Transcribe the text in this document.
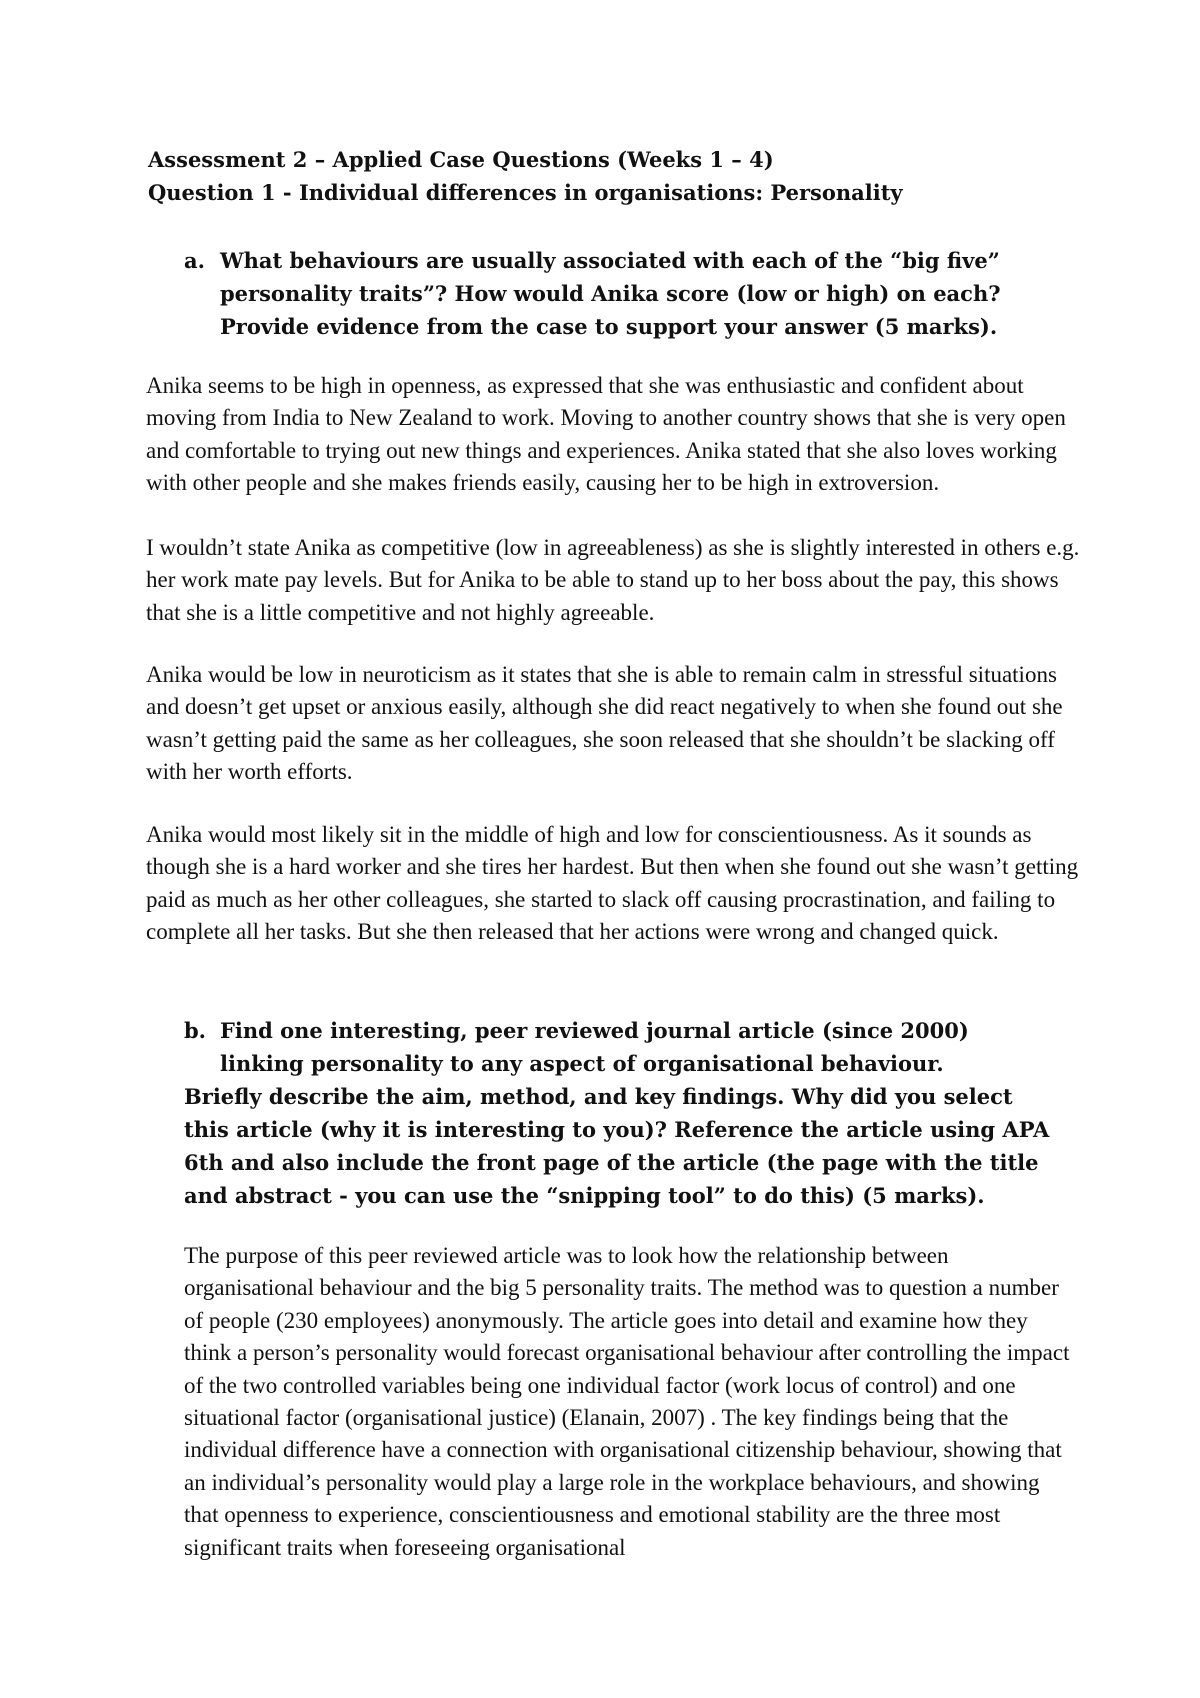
Assessment 2 – Applied Case Questions (Weeks 1 – 4)
Question 1 - Individual differences in organisations: Personality
a. What behaviours are usually associated with each of the “big five” personality traits”? How would Anika score (low or high) on each? Provide evidence from the case to support your answer (5 marks).

Anika seems to be high in openness, as expressed that she was enthusiastic and confident about moving from India to New Zealand to work. Moving to another country shows that she is very open and comfortable to trying out new things and experiences. Anika stated that she also loves working with other people and she makes friends easily, causing her to be high in extroversion.

I wouldn’t state Anika as competitive (low in agreeableness) as she is slightly interested in others e.g. her work mate pay levels. But for Anika to be able to stand up to her boss about the pay, this shows that she is a little competitive and not highly agreeable.

Anika would be low in neuroticism as it states that she is able to remain calm in stressful situations and doesn’t get upset or anxious easily, although she did react negatively to when she found out she wasn’t getting paid the same as her colleagues, she soon released that she shouldn’t be slacking off with her worth efforts.

Anika would most likely sit in the middle of high and low for conscientiousness. As it sounds as though she is a hard worker and she tires her hardest. But then when she found out she wasn’t getting paid as much as her other colleagues, she started to slack off causing procrastination, and failing to complete all her tasks. But she then released that her actions were wrong and changed quick.

b. Find one interesting, peer reviewed journal article (since 2000) linking personality to any aspect of organisational behaviour.
Briefly describe the aim, method, and key findings. Why did you select this article (why it is interesting to you)? Reference the article using APA 6th and also include the front page of the article (the page with the title and abstract - you can use the “snipping tool” to do this) (5 marks).

The purpose of this peer reviewed article was to look how the relationship between organisational behaviour and the big 5 personality traits. The method was to question a number of people (230 employees) anonymously. The article goes into detail and examine how they think a person’s personality would forecast organisational behaviour after controlling the impact of the two controlled variables being one individual factor (work locus of control) and one situational factor (organisational justice) (Elanain, 2007) . The key findings being that the individual difference have a connection with organisational citizenship behaviour, showing that an individual’s personality would play a large role in the workplace behaviours, and showing that openness to experience, conscientiousness and emotional stability are the three most significant traits when foreseeing organisational
